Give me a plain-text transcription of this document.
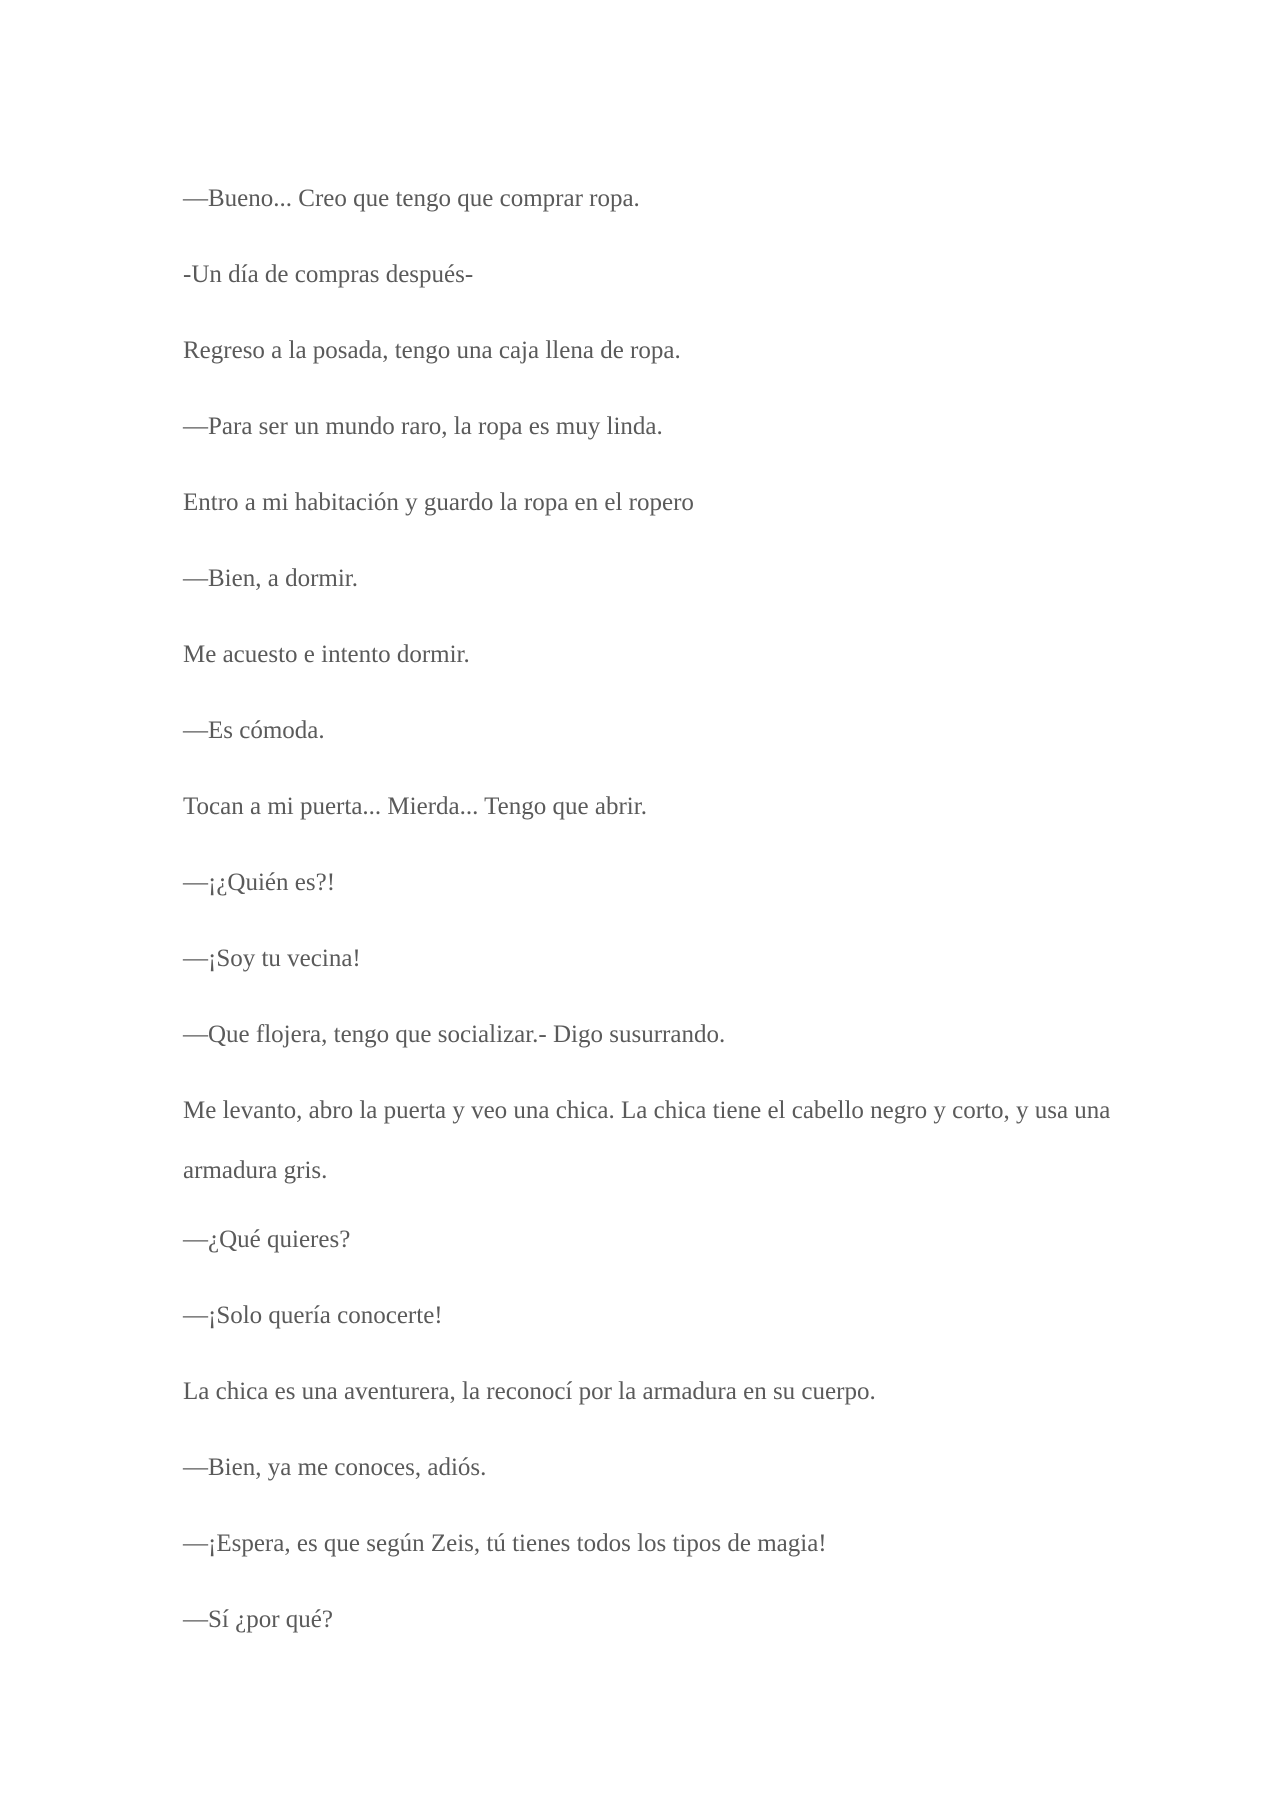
—Bueno... Creo que tengo que comprar ropa.

-Un día de compras después-

Regreso a la posada, tengo una caja llena de ropa.

—Para ser un mundo raro, la ropa es muy linda.

Entro a mi habitación y guardo la ropa en el ropero

—Bien, a dormir.

Me acuesto e intento dormir.

—Es cómoda.

Tocan a mi puerta... Mierda... Tengo que abrir.

—¡¿Quién es?!

—¡Soy tu vecina!

—Que flojera, tengo que socializar.- Digo susurrando.

Me levanto, abro la puerta y veo una chica. La chica tiene el cabello negro y corto, y usa una armadura gris.

—¿Qué quieres?

—¡Solo quería conocerte!

La chica es una aventurera, la reconocí por la armadura en su cuerpo.

—Bien, ya me conoces, adiós.

—¡Espera, es que según Zeis, tú tienes todos los tipos de magia!

—Sí ¿por qué?
